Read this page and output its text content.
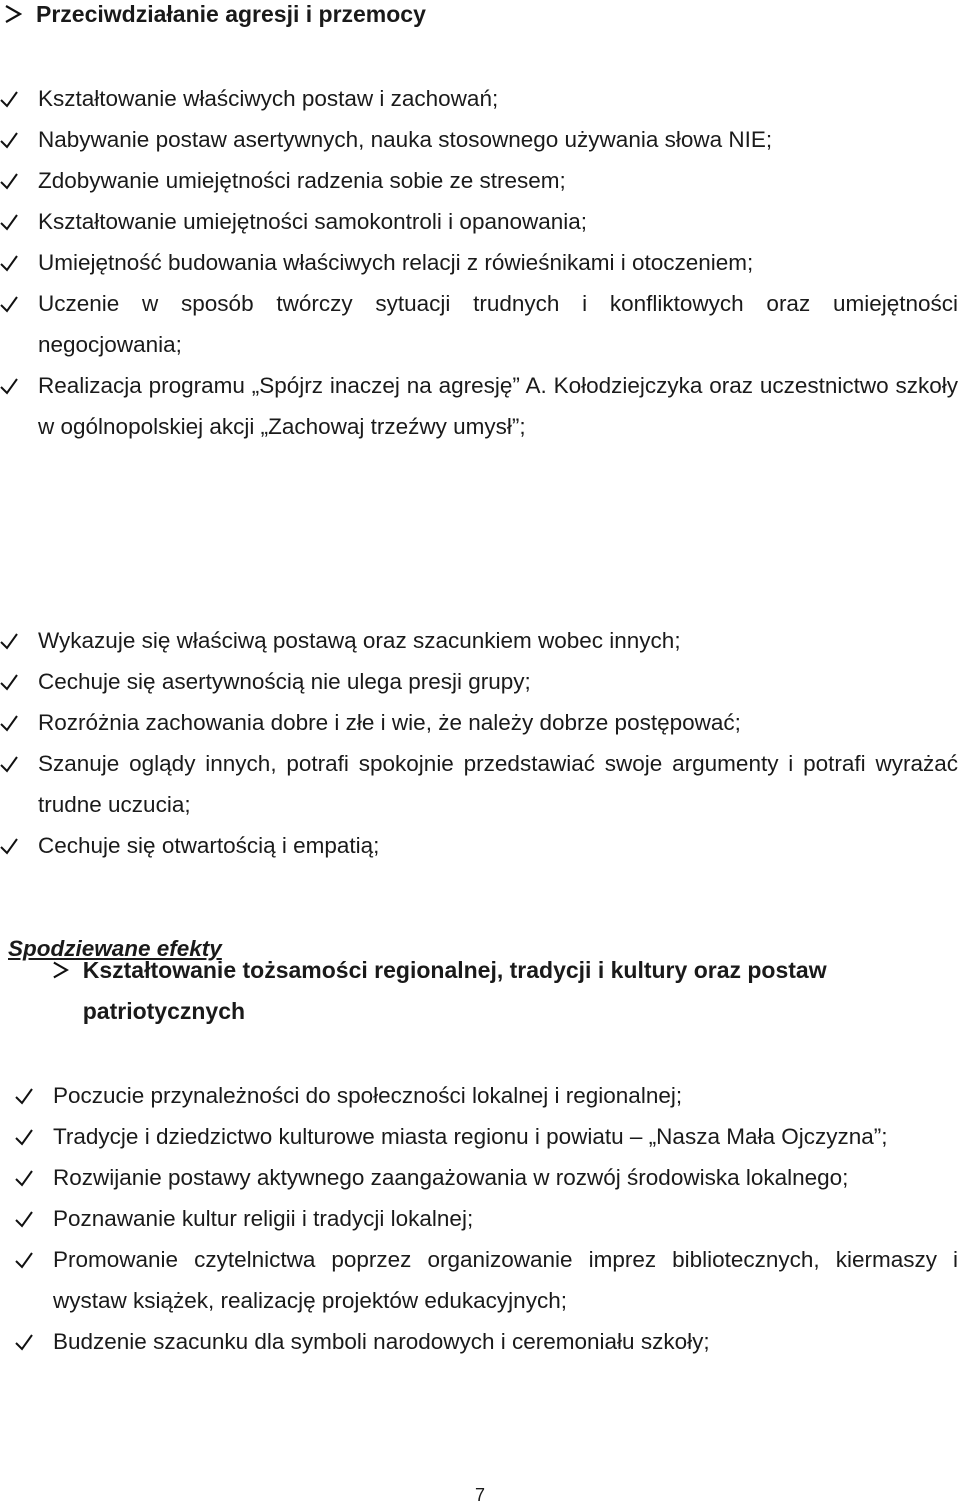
Przeciwdziałanie agresji i przemocy
Kształtowanie właściwych postaw i zachowań;
Nabywanie postaw asertywnych, nauka stosownego używania słowa NIE;
Zdobywanie umiejętności radzenia sobie ze stresem;
Kształtowanie umiejętności samokontroli i opanowania;
Umiejętność budowania właściwych relacji z rówieśnikami i otoczeniem;
Uczenie w sposób twórczy sytuacji trudnych i konfliktowych oraz umiejętności negocjowania;
Realizacja programu „Spójrz inaczej na agresję” A. Kołodziejczyka oraz uczestnictwo szkoły w ogólnopolskiej akcji „Zachowaj trzeźwy umysł”;
Spodziewane efekty
Wykazuje się właściwą postawą oraz szacunkiem wobec innych;
Cechuje się asertywnością nie ulega presji grupy;
Rozróżnia zachowania dobre i złe i wie, że należy dobrze postępować;
Szanuje oglądy innych, potrafi spokojnie przedstawiać swoje argumenty i potrafi wyrażać trudne uczucia;
Cechuje się otwartością i empatią;
Kształtowanie tożsamości regionalnej, tradycji i kultury oraz postaw patriotycznych
Poczucie przynależności do społeczności lokalnej i regionalnej;
Tradycje i dziedzictwo kulturowe miasta regionu i powiatu – „Nasza Mała Ojczyzna”;
Rozwijanie postawy aktywnego zaangażowania w rozwój środowiska lokalnego;
Poznawanie kultur religii i tradycji lokalnej;
Promowanie czytelnictwa poprzez organizowanie imprez bibliotecznych, kiermaszy i wystaw książek, realizację projektów edukacyjnych;
Budzenie szacunku dla symboli narodowych i ceremoniału szkoły;
7
